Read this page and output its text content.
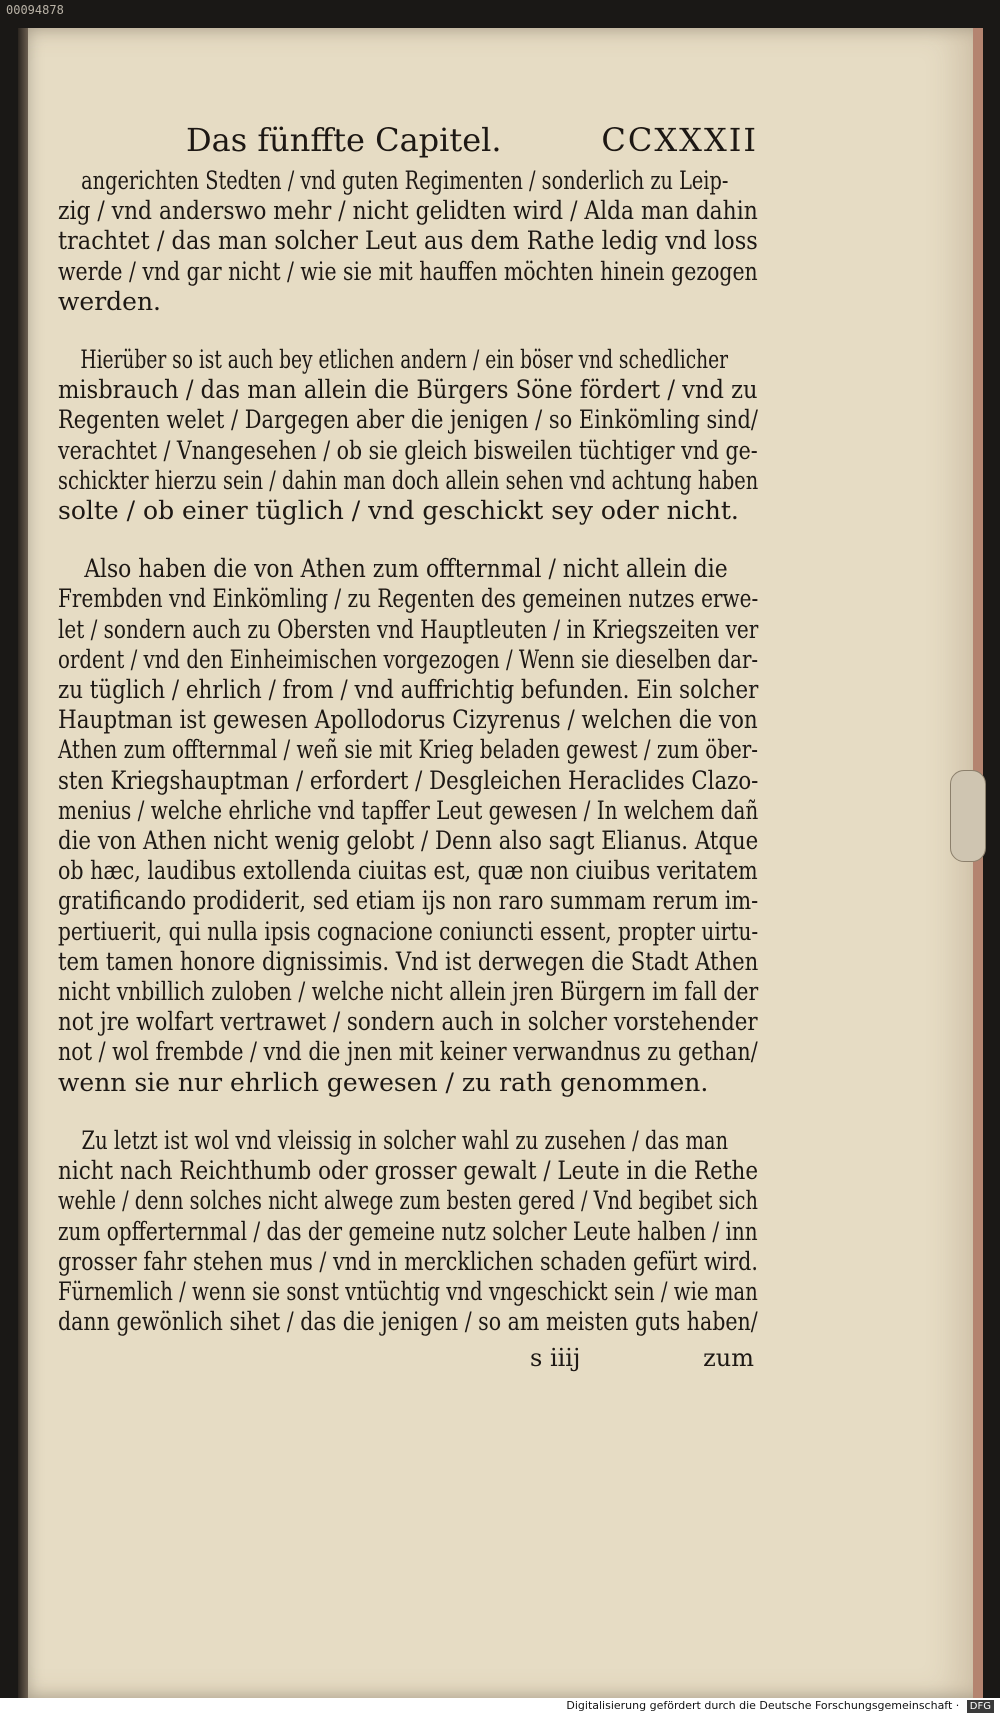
00094878
Das fünffte Capitel.	CCXXXII
angerichten Stedten / vnd guten Regimenten / sonderlich zu Leip-
zig / vnd anderswo mehr / nicht gelidten wird / Alda man dahin
trachtet / das man solcher Leut aus dem Rathe ledig vnd loss
werde / vnd gar nicht / wie sie mit hauffen möchten hinein gezogen
werden.
Hierüber so ist auch bey etlichen andern / ein böser vnd schedlicher
misbrauch / das man allein die Bürgers Söne fördert / vnd zu
Regenten welet / Dargegen aber die jenigen / so Einkömling sind/
verachtet / Vnangesehen / ob sie gleich bisweilen tüchtiger vnd ge-
schickter hierzu sein / dahin man doch allein sehen vnd achtung haben
solte / ob einer tüglich / vnd geschickt sey oder nicht.
Also haben die von Athen zum offternmal / nicht allein die
Frembden vnd Einkömling / zu Regenten des gemeinen nutzes erwe-
let / sondern auch zu Obersten vnd Hauptleuten / in Kriegszeiten ver
ordent / vnd den Einheimischen vorgezogen / Wenn sie dieselben dar-
zu tüglich / ehrlich / from / vnd auffrichtig befunden. Ein solcher
Hauptman ist gewesen Apollodorus Cizyrenus / welchen die von
Athen zum offternmal / weñ sie mit Krieg beladen gewest / zum öber-
sten Kriegshauptman / erfordert / Desgleichen Heraclides Clazo-
menius / welche ehrliche vnd tapffer Leut gewesen / In welchem dañ
die von Athen nicht wenig gelobt / Denn also sagt Elianus. Atque
ob hæc, laudibus extollenda ciuitas est, quæ non ciuibus veritatem
gratificando prodiderit, sed etiam ijs non raro summam rerum im-
pertiuerit, qui nulla ipsis cognacione coniuncti essent, propter uirtu-
tem tamen honore dignissimis. Vnd ist derwegen die Stadt Athen
nicht vnbillich zuloben / welche nicht allein jren Bürgern im fall der
not jre wolfart vertrawet / sondern auch in solcher vorstehender
not / wol frembde / vnd die jnen mit keiner verwandnus zu gethan/
wenn sie nur ehrlich gewesen / zu rath genommen.
Zu letzt ist wol vnd vleissig in solcher wahl zu zusehen / das man
nicht nach Reichthumb oder grosser gewalt / Leute in die Rethe
wehle / denn solches nicht alwege zum besten gered / Vnd begibet sich
zum opfferternmal / das der gemeine nutz solcher Leute halben / inn
grosser fahr stehen mus / vnd in mercklichen schaden gefürt wird.
Fürnemlich / wenn sie sonst vntüchtig vnd vngeschickt sein / wie man
dann gewönlich sihet / das die jenigen / so am meisten guts haben/
s iiij	zum
Digitalisierung gefördert durch die Deutsche Forschungsgemeinschaft · DFG
